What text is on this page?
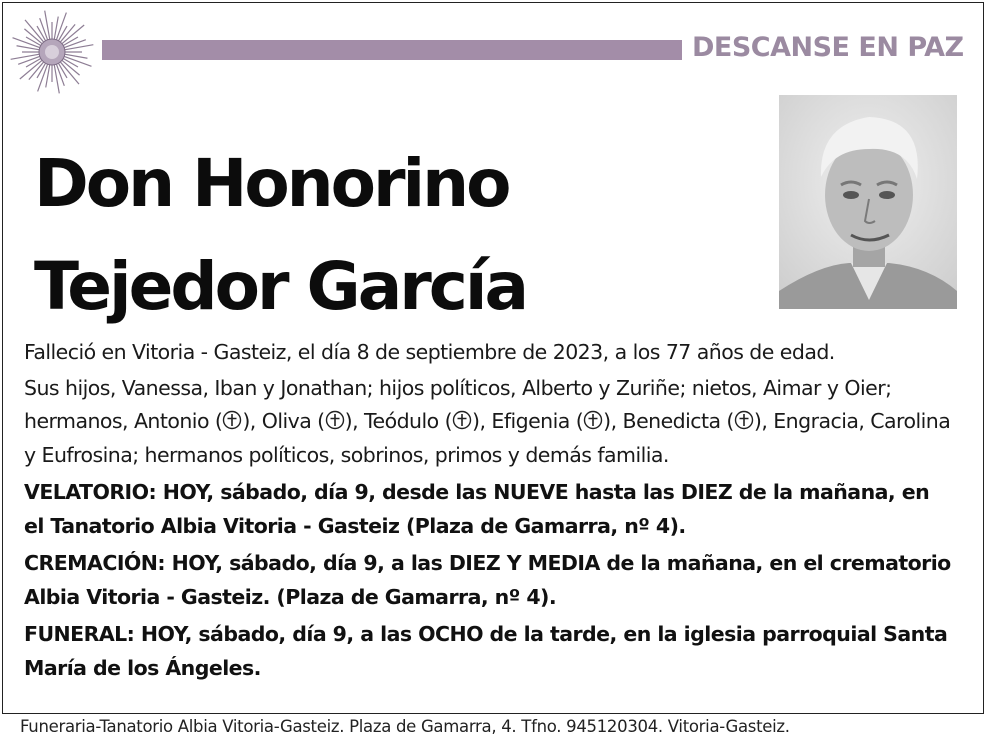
DESCANSE EN PAZ
Don Honorino
Tejedor García
Falleció en Vitoria - Gasteiz, el día 8 de septiembre de 2023, a los 77 años de edad.
Sus hijos, Vanessa, Iban y Jonathan; hijos políticos, Alberto y Zuriñe; nietos, Aimar y Oier; hermanos, Antonio ( ), Oliva ( ), Teódulo ( ), Efigenia ( ), Benedicta ( ), Engracia, Carolina y Eufrosina; hermanos políticos, sobrinos, primos y demás familia.
VELATORIO: HOY, sábado, día 9, desde las NUEVE hasta las DIEZ de la mañana, en el Tanatorio Albia Vitoria - Gasteiz (Plaza de Gamarra, nº 4).
CREMACIÓN: HOY, sábado, día 9, a las DIEZ Y MEDIA de la mañana, en el crematorio Albia Vitoria - Gasteiz. (Plaza de Gamarra, nº 4).
FUNERAL: HOY, sábado, día 9, a las OCHO de la tarde, en la iglesia parroquial Santa María de los Ángeles.
Funeraria-Tanatorio Albia Vitoria-Gasteiz. Plaza de Gamarra, 4. Tfno. 945120304. Vitoria-Gasteiz.
